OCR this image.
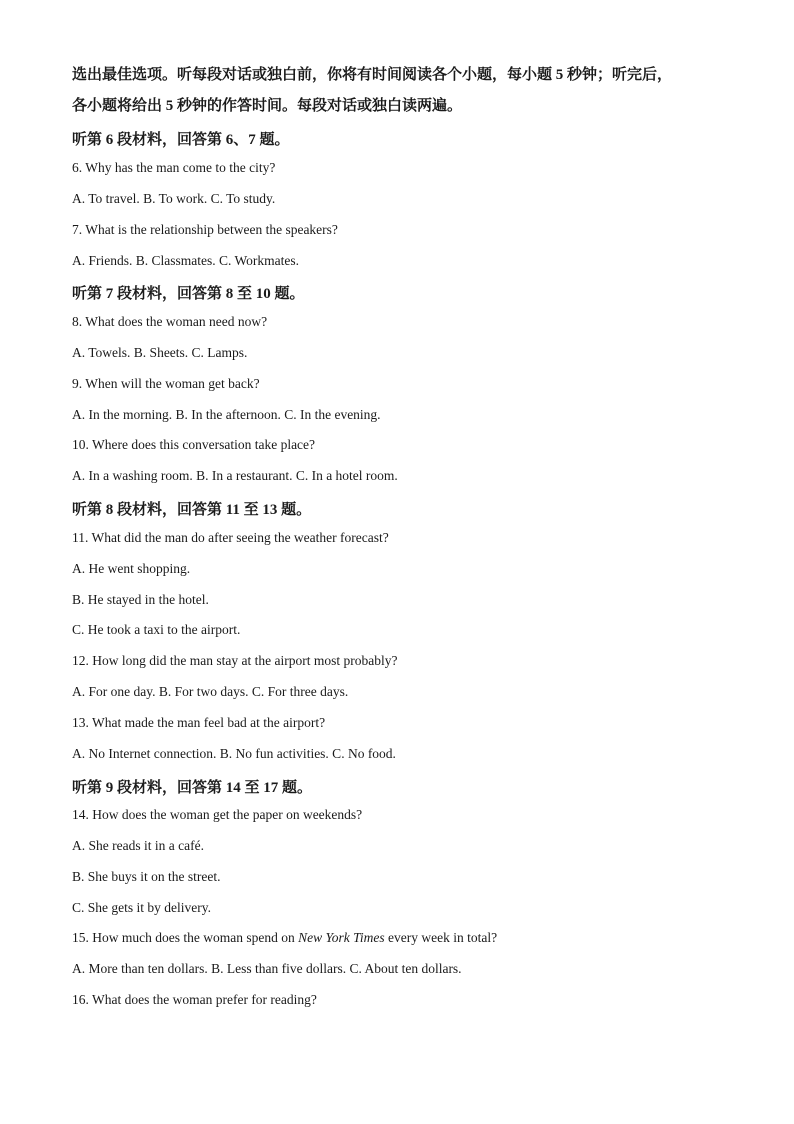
选出最佳选项。听每段对话或独白前，你将有时间阅读各个小题，每小题 5 秒钟；听完后，
各小题将给出 5 秒钟的作答时间。每段对话或独白读两遍。
听第 6 段材料，回答第 6、7 题。
6. Why has the man come to the city?
A. To travel. B. To work. C. To study.
7. What is the relationship between the speakers?
A. Friends. B. Classmates. C. Workmates.
听第 7 段材料，回答第 8 至 10 题。
8. What does the woman need now?
A. Towels. B. Sheets. C. Lamps.
9. When will the woman get back?
A. In the morning. B. In the afternoon. C. In the evening.
10. Where does this conversation take place?
A. In a washing room. B. In a restaurant. C. In a hotel room.
听第 8 段材料，回答第 11 至 13 题。
11. What did the man do after seeing the weather forecast?
A. He went shopping.
B. He stayed in the hotel.
C. He took a taxi to the airport.
12. How long did the man stay at the airport most probably?
A. For one day. B. For two days. C. For three days.
13. What made the man feel bad at the airport?
A. No Internet connection. B. No fun activities. C. No food.
听第 9 段材料，回答第 14 至 17 题。
14. How does the woman get the paper on weekends?
A. She reads it in a café.
B. She buys it on the street.
C. She gets it by delivery.
15. How much does the woman spend on New York Times every week in total?
A. More than ten dollars. B. Less than five dollars. C. About ten dollars.
16. What does the woman prefer for reading?
